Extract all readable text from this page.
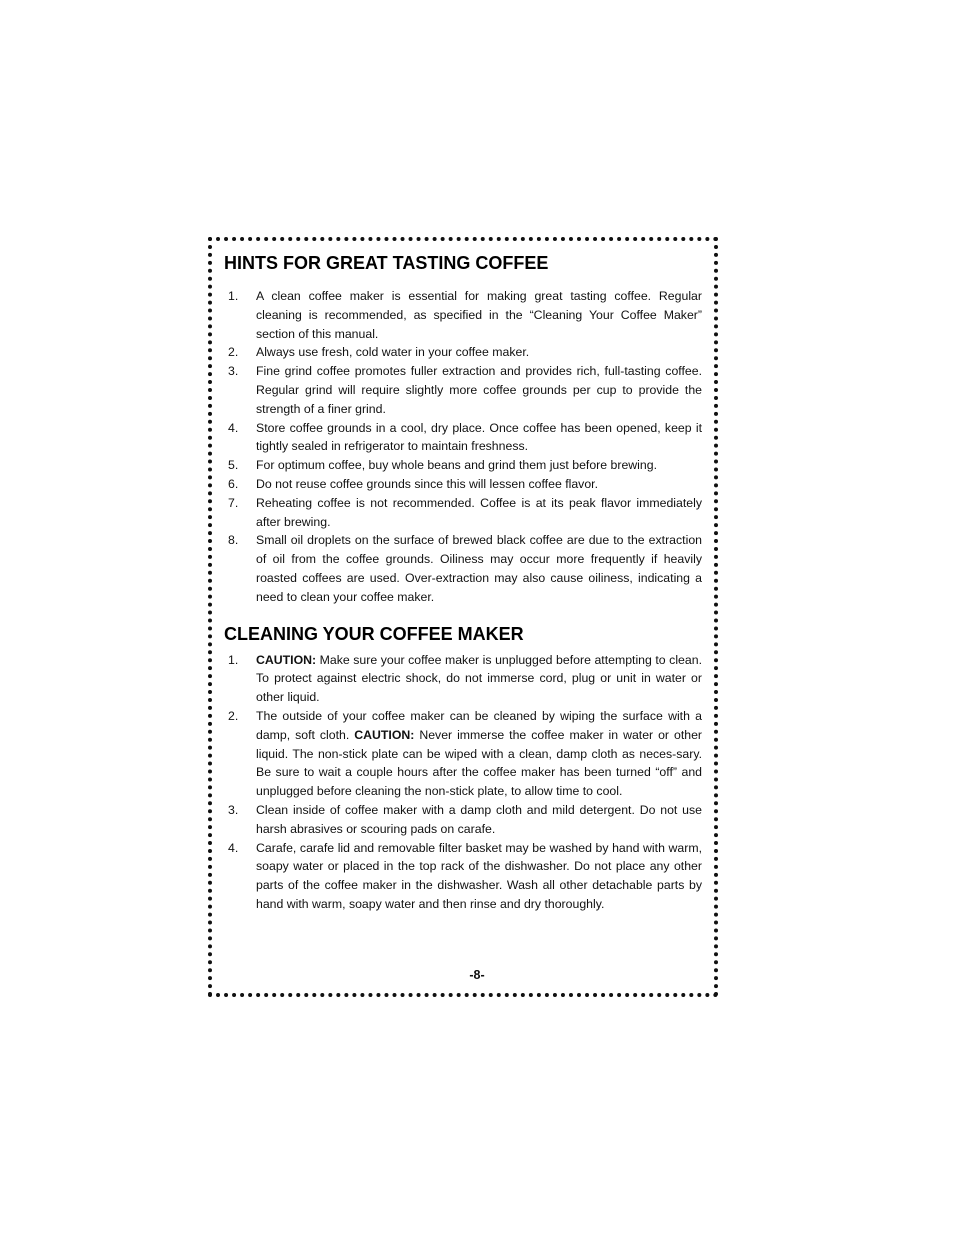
HINTS FOR GREAT TASTING COFFEE
1. A clean coffee maker is essential for making great tasting coffee. Regular cleaning is recommended, as specified in the “Cleaning Your Coffee Maker” section of this manual.
2. Always use fresh, cold water in your coffee maker.
3. Fine grind coffee promotes fuller extraction and provides rich, full-tasting coffee. Regular grind will require slightly more coffee grounds per cup to provide the strength of a finer grind.
4. Store coffee grounds in a cool, dry place. Once coffee has been opened, keep it tightly sealed in refrigerator to maintain freshness.
5. For optimum coffee, buy whole beans and grind them just before brewing.
6. Do not reuse coffee grounds since this will lessen coffee flavor.
7. Reheating coffee is not recommended. Coffee is at its peak flavor immediately after brewing.
8. Small oil droplets on the surface of brewed black coffee are due to the extraction of oil from the coffee grounds. Oiliness may occur more frequently if heavily roasted coffees are used. Over-extraction may also cause oiliness, indicating a need to clean your coffee maker.
CLEANING YOUR COFFEE MAKER
1. CAUTION: Make sure your coffee maker is unplugged before attempting to clean. To protect against electric shock, do not immerse cord, plug or unit in water or other liquid.
2. The outside of your coffee maker can be cleaned by wiping the surface with a damp, soft cloth. CAUTION: Never immerse the coffee maker in water or other liquid. The non-stick plate can be wiped with a clean, damp cloth as neces-sary. Be sure to wait a couple hours after the coffee maker has been turned “off” and unplugged before cleaning the non-stick plate, to allow time to cool.
3. Clean inside of coffee maker with a damp cloth and mild detergent. Do not use harsh abrasives or scouring pads on carafe.
4. Carafe, carafe lid and removable filter basket may be washed by hand with warm, soapy water or placed in the top rack of the dishwasher. Do not place any other parts of the coffee maker in the dishwasher. Wash all other detachable parts by hand with warm, soapy water and then rinse and dry thoroughly.
-8-
